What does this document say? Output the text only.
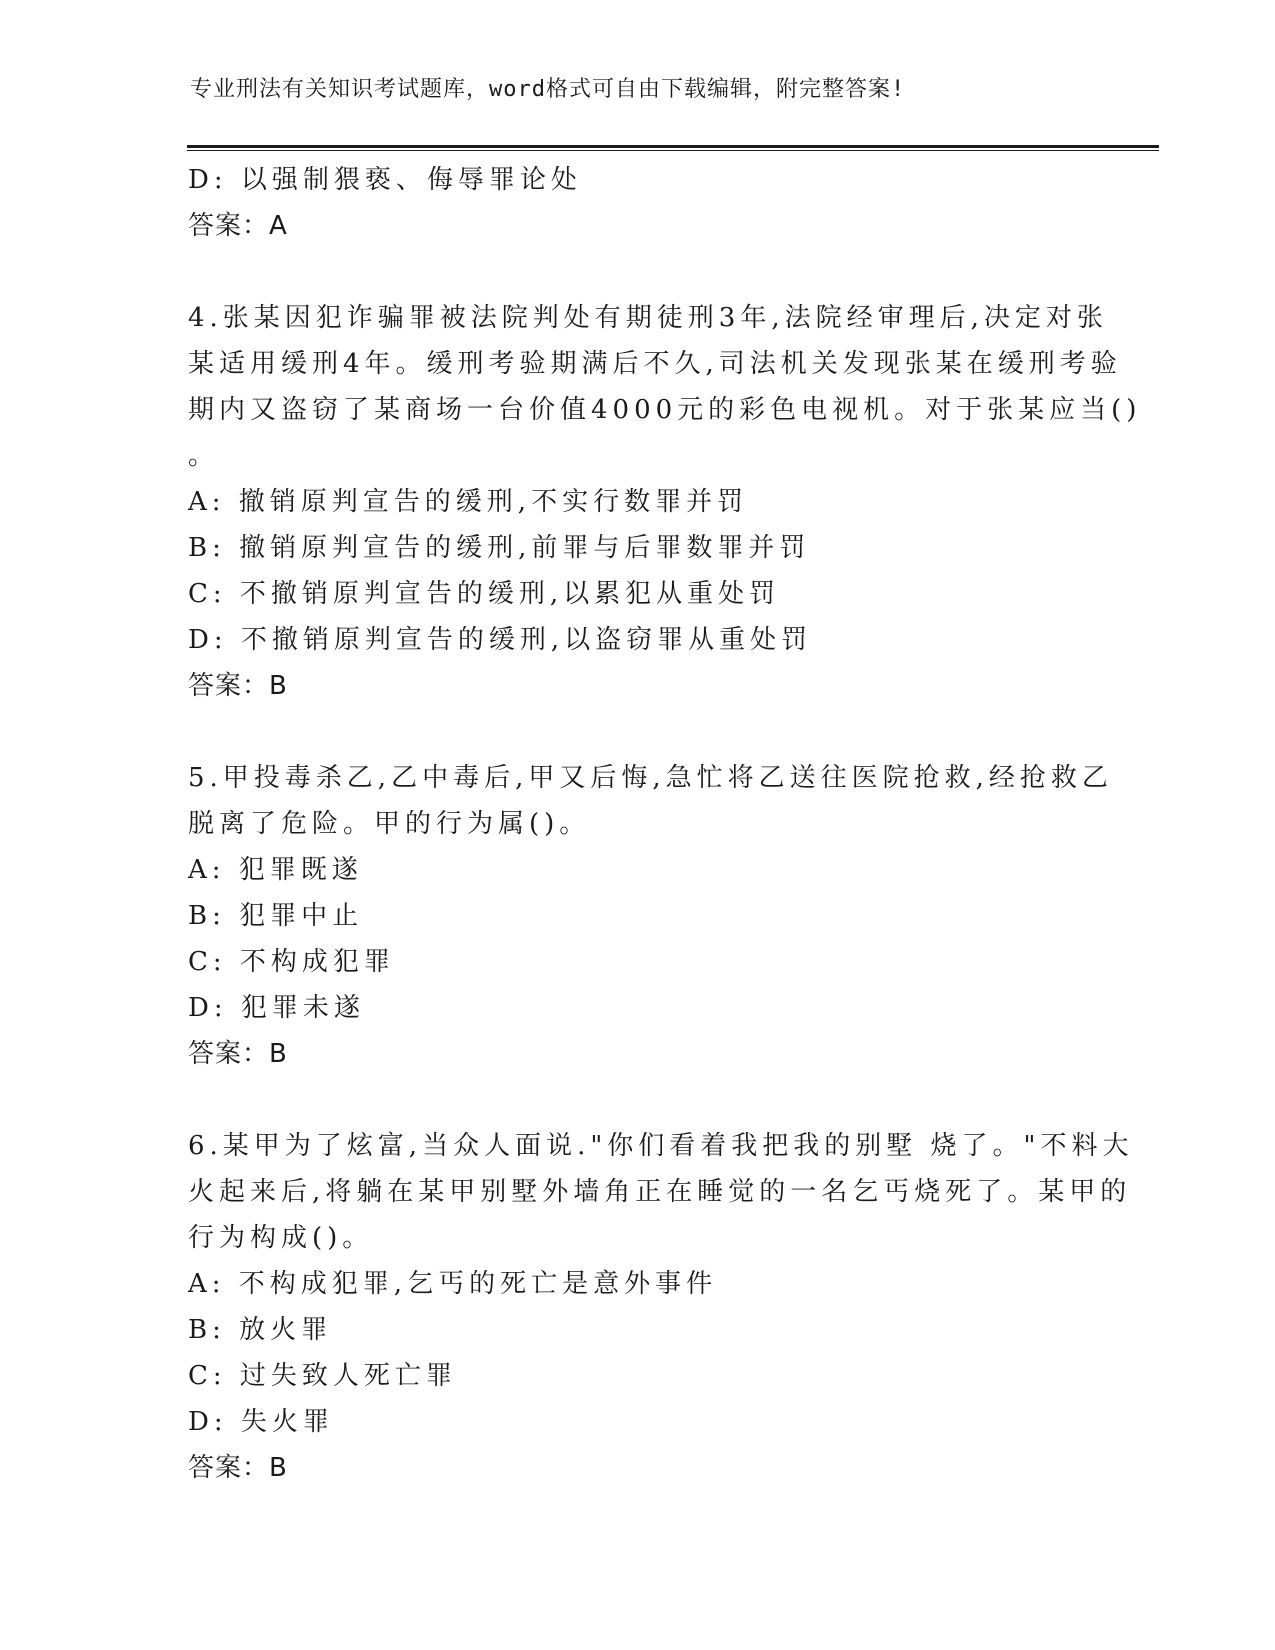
专业刑法有关知识考试题库，word格式可自由下载编辑，附完整答案!
D: 以强制猥亵、侮辱罪论处
答案：A
4.张某因犯诈骗罪被法院判处有期徒刑3年,法院经审理后,决定对张
某适用缓刑4年。缓刑考验期满后不久,司法机关发现张某在缓刑考验
期内又盗窃了某商场一台价值4000元的彩色电视机。对于张某应当()
。
A: 撤销原判宣告的缓刑,不实行数罪并罚
B: 撤销原判宣告的缓刑,前罪与后罪数罪并罚
C: 不撤销原判宣告的缓刑,以累犯从重处罚
D: 不撤销原判宣告的缓刑,以盗窃罪从重处罚
答案：B
5.甲投毒杀乙,乙中毒后,甲又后悔,急忙将乙送往医院抢救,经抢救乙
脱离了危险。甲的行为属()。
A: 犯罪既遂
B: 犯罪中止
C: 不构成犯罪
D: 犯罪未遂
答案：B
6.某甲为了炫富,当众人面说."你们看着我把我的别墅 烧了。"不料大
火起来后,将躺在某甲别墅外墙角正在睡觉的一名乞丐烧死了。某甲的
行为构成()。
A: 不构成犯罪,乞丐的死亡是意外事件
B: 放火罪
C: 过失致人死亡罪
D: 失火罪
答案：B
